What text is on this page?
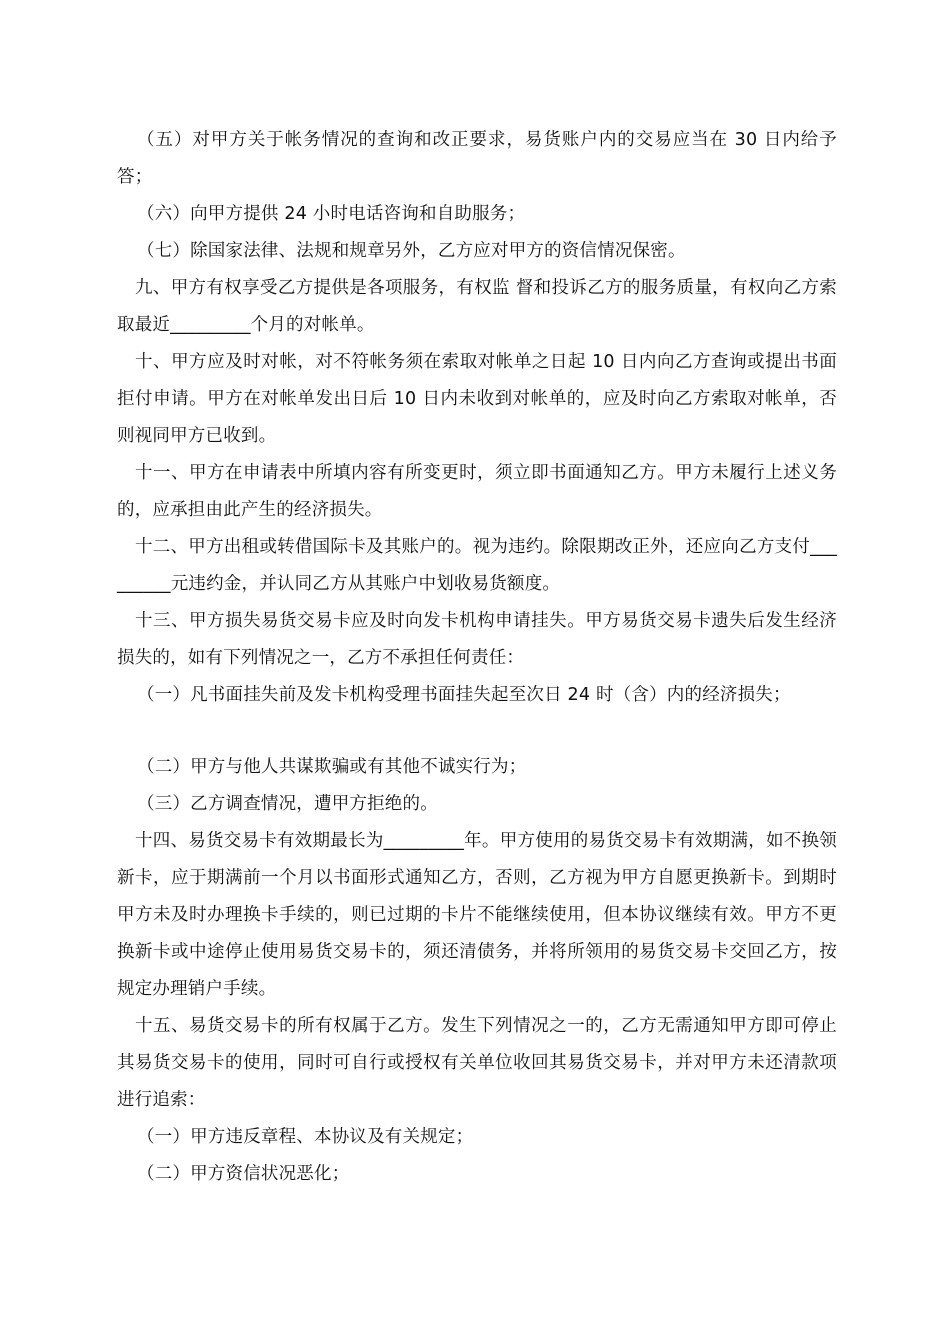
（五）对甲方关于帐务情况的查询和改正要求，易货账户内的交易应当在 30 日内给予答；

（六）向甲方提供 24 小时电话咨询和自助服务；

（七）除国家法律、法规和规章另外，乙方应对甲方的资信情况保密。

九、甲方有权享受乙方提供是各项服务，有权监 督和投诉乙方的服务质量，有权向乙方索取最近_________个月的对帐单。

十、甲方应及时对帐，对不符帐务须在索取对帐单之日起 10 日内向乙方查询或提出书面拒付申请。甲方在对帐单发出日后 10 日内未收到对帐单的，应及时向乙方索取对帐单，否则视同甲方已收到。

十一、甲方在申请表中所填内容有所变更时，须立即书面通知乙方。甲方未履行上述义务的，应承担由此产生的经济损失。

十二、甲方出租或转借国际卡及其账户的。视为违约。除限期改正外，还应向乙方支付_________元违约金，并认同乙方从其账户中划收易货额度。

十三、甲方损失易货交易卡应及时向发卡机构申请挂失。甲方易货交易卡遗失后发生经济损失的，如有下列情况之一，乙方不承担任何责任：

（一）凡书面挂失前及发卡机构受理书面挂失起至次日 24 时（含）内的经济损失；

（二）甲方与他人共谋欺骗或有其他不诚实行为；

（三）乙方调查情况，遭甲方拒绝的。

十四、易货交易卡有效期最长为_________年。甲方使用的易货交易卡有效期满，如不换领新卡，应于期满前一个月以书面形式通知乙方，否则，乙方视为甲方自愿更换新卡。到期时甲方未及时办理换卡手续的，则已过期的卡片不能继续使用，但本协议继续有效。甲方不更换新卡或中途停止使用易货交易卡的，须还清债务，并将所领用的易货交易卡交回乙方，按规定办理销户手续。

十五、易货交易卡的所有权属于乙方。发生下列情况之一的，乙方无需通知甲方即可停止其易货交易卡的使用，同时可自行或授权有关单位收回其易货交易卡，并对甲方未还清款项进行追索：

（一）甲方违反章程、本协议及有关规定；

（二）甲方资信状况恶化；
